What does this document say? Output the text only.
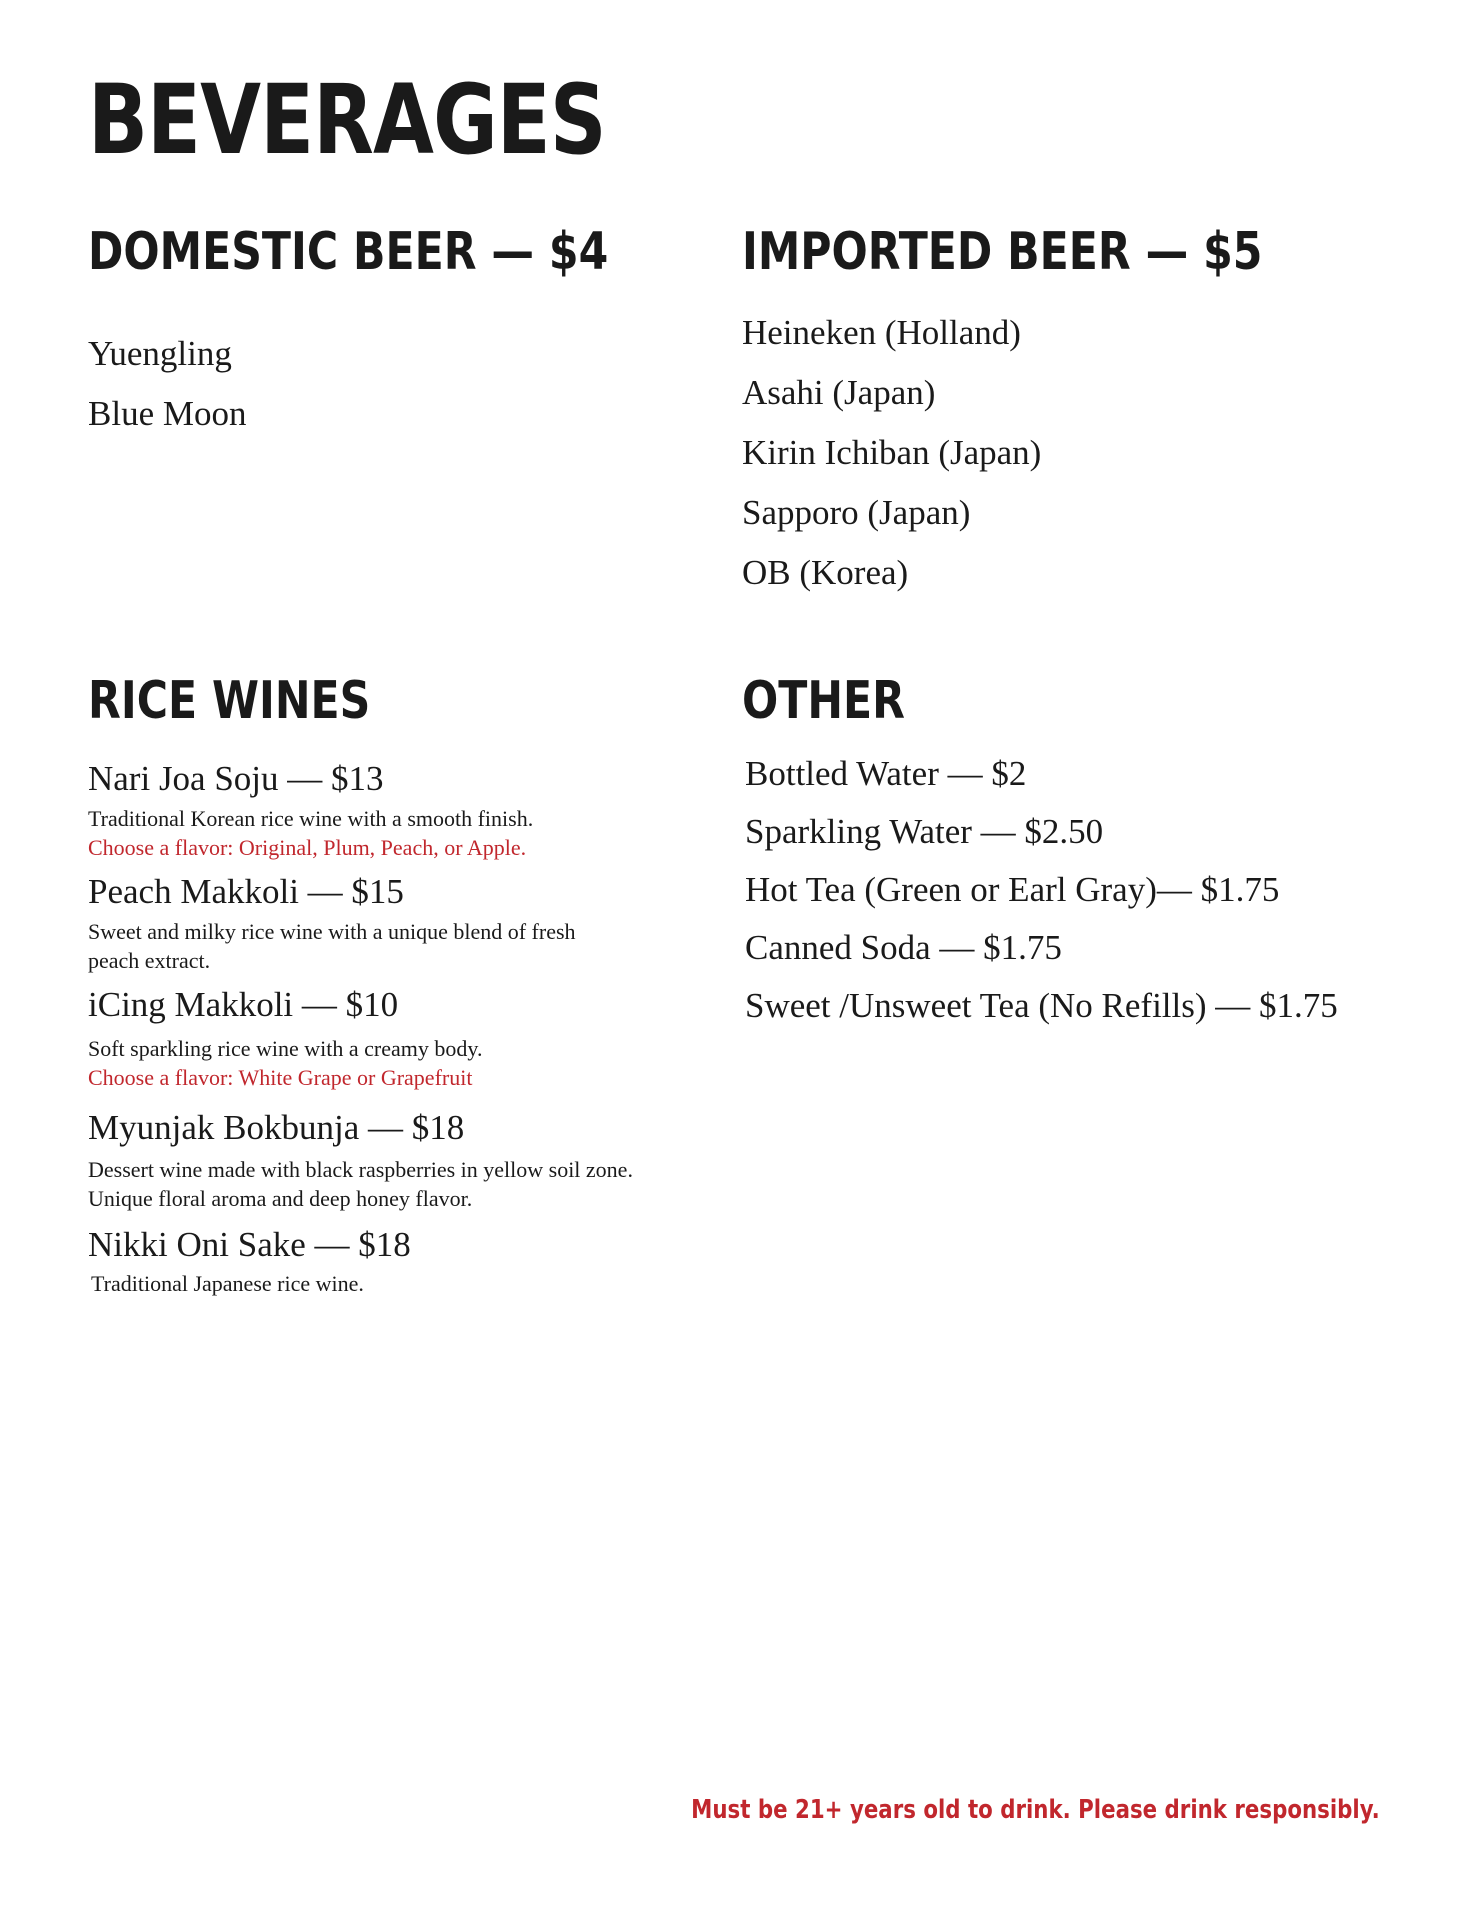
BEVERAGES
DOMESTIC BEER — $4

Yuengling

Blue Moon

IMPORTED BEER — $5

Heineken (Holland)

Asahi (Japan)

Kirin Ichiban (Japan)

Sapporo (Japan)

OB (Korea)

RICE WINES

Nari Joa Soju — $13

Traditional Korean rice wine with a smooth finish.

Choose a flavor: Original, Plum, Peach, or Apple.

Peach Makkoli — $15

Sweet and milky rice wine with a unique blend of fresh

peach extract.

iCing Makkoli — $10

Soft sparkling rice wine with a creamy body.

Choose a flavor: White Grape or Grapefruit

Myunjak Bokbunja — $18

Dessert wine made with black raspberries in yellow soil zone.

Unique floral aroma and deep honey flavor.

Nikki Oni Sake — $18

Traditional Japanese rice wine.

OTHER

Bottled Water — $2

Sparkling Water — $2.50

Hot Tea (Green or Earl Gray)— $1.75

Canned Soda — $1.75

Sweet /Unsweet Tea (No Refills) — $1.75

Must be 21+ years old to drink. Please drink responsibly.
